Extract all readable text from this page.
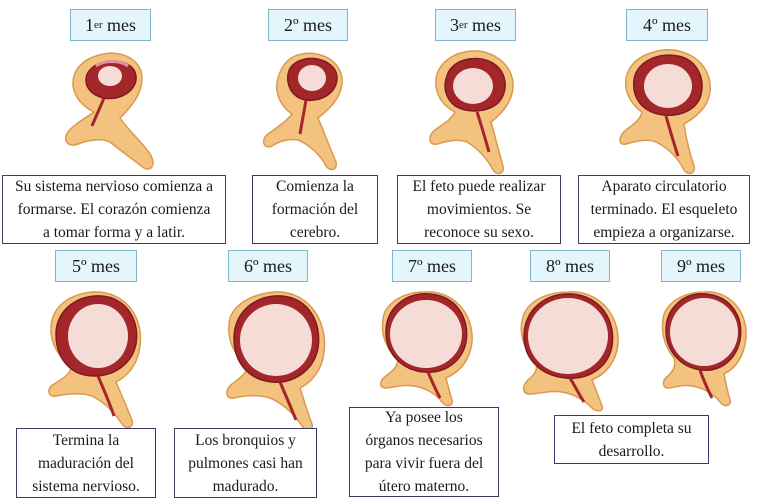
1er mes	2º mes	3er mes	4º mes
5º mes	6º mes	7º mes	8º mes	9º mes
Su sistema nervioso comienza a
formarse. El corazón comienza
a tomar forma y a latir.
Comienza la
formación del
cerebro.
El feto puede realizar
movimientos. Se
reconoce su sexo.
Aparato circulatorio
terminado. El esqueleto
empieza a organizarse.
Termina la
maduración del
sistema nervioso.
Los bronquios y
pulmones casi han
madurado.
Ya posee los
órganos necesarios
para vivir fuera del
útero materno.
El feto completa su
desarrollo.
